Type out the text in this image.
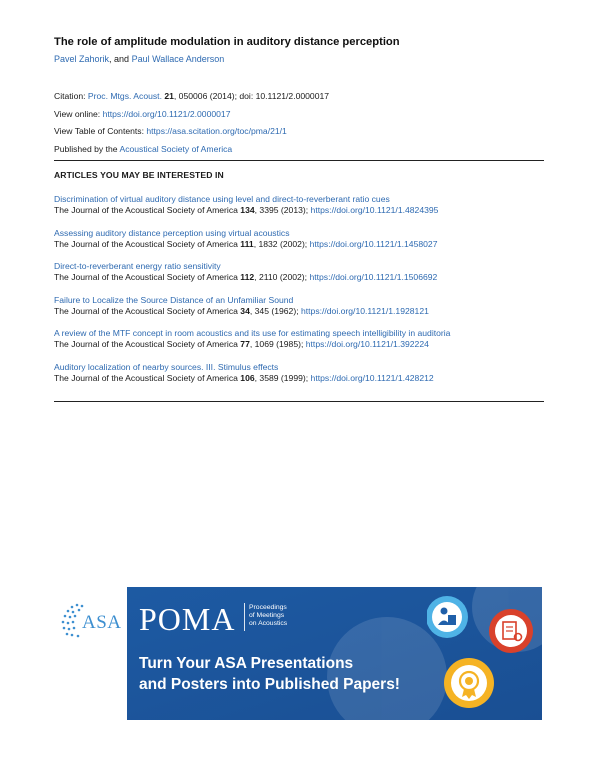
The role of amplitude modulation in auditory distance perception
Pavel Zahorik, and Paul Wallace Anderson
Citation: Proc. Mtgs. Acoust. 21, 050006 (2014); doi: 10.1121/2.0000017
View online: https://doi.org/10.1121/2.0000017
View Table of Contents: https://asa.scitation.org/toc/pma/21/1
Published by the Acoustical Society of America
ARTICLES YOU MAY BE INTERESTED IN
Discrimination of virtual auditory distance using level and direct-to-reverberant ratio cues
The Journal of the Acoustical Society of America 134, 3395 (2013); https://doi.org/10.1121/1.4824395
Assessing auditory distance perception using virtual acoustics
The Journal of the Acoustical Society of America 111, 1832 (2002); https://doi.org/10.1121/1.1458027
Direct-to-reverberant energy ratio sensitivity
The Journal of the Acoustical Society of America 112, 2110 (2002); https://doi.org/10.1121/1.1506692
Failure to Localize the Source Distance of an Unfamiliar Sound
The Journal of the Acoustical Society of America 34, 345 (1962); https://doi.org/10.1121/1.1928121
A review of the MTF concept in room acoustics and its use for estimating speech intelligibility in auditoria
The Journal of the Acoustical Society of America 77, 1069 (1985); https://doi.org/10.1121/1.392224
Auditory localization of nearby sources. III. Stimulus effects
The Journal of the Acoustical Society of America 106, 3589 (1999); https://doi.org/10.1121/1.428212
ASA POMA Proceedings
of Meetings
on Acoustics
Turn Your ASA Presentations
and Posters into Published Papers!
